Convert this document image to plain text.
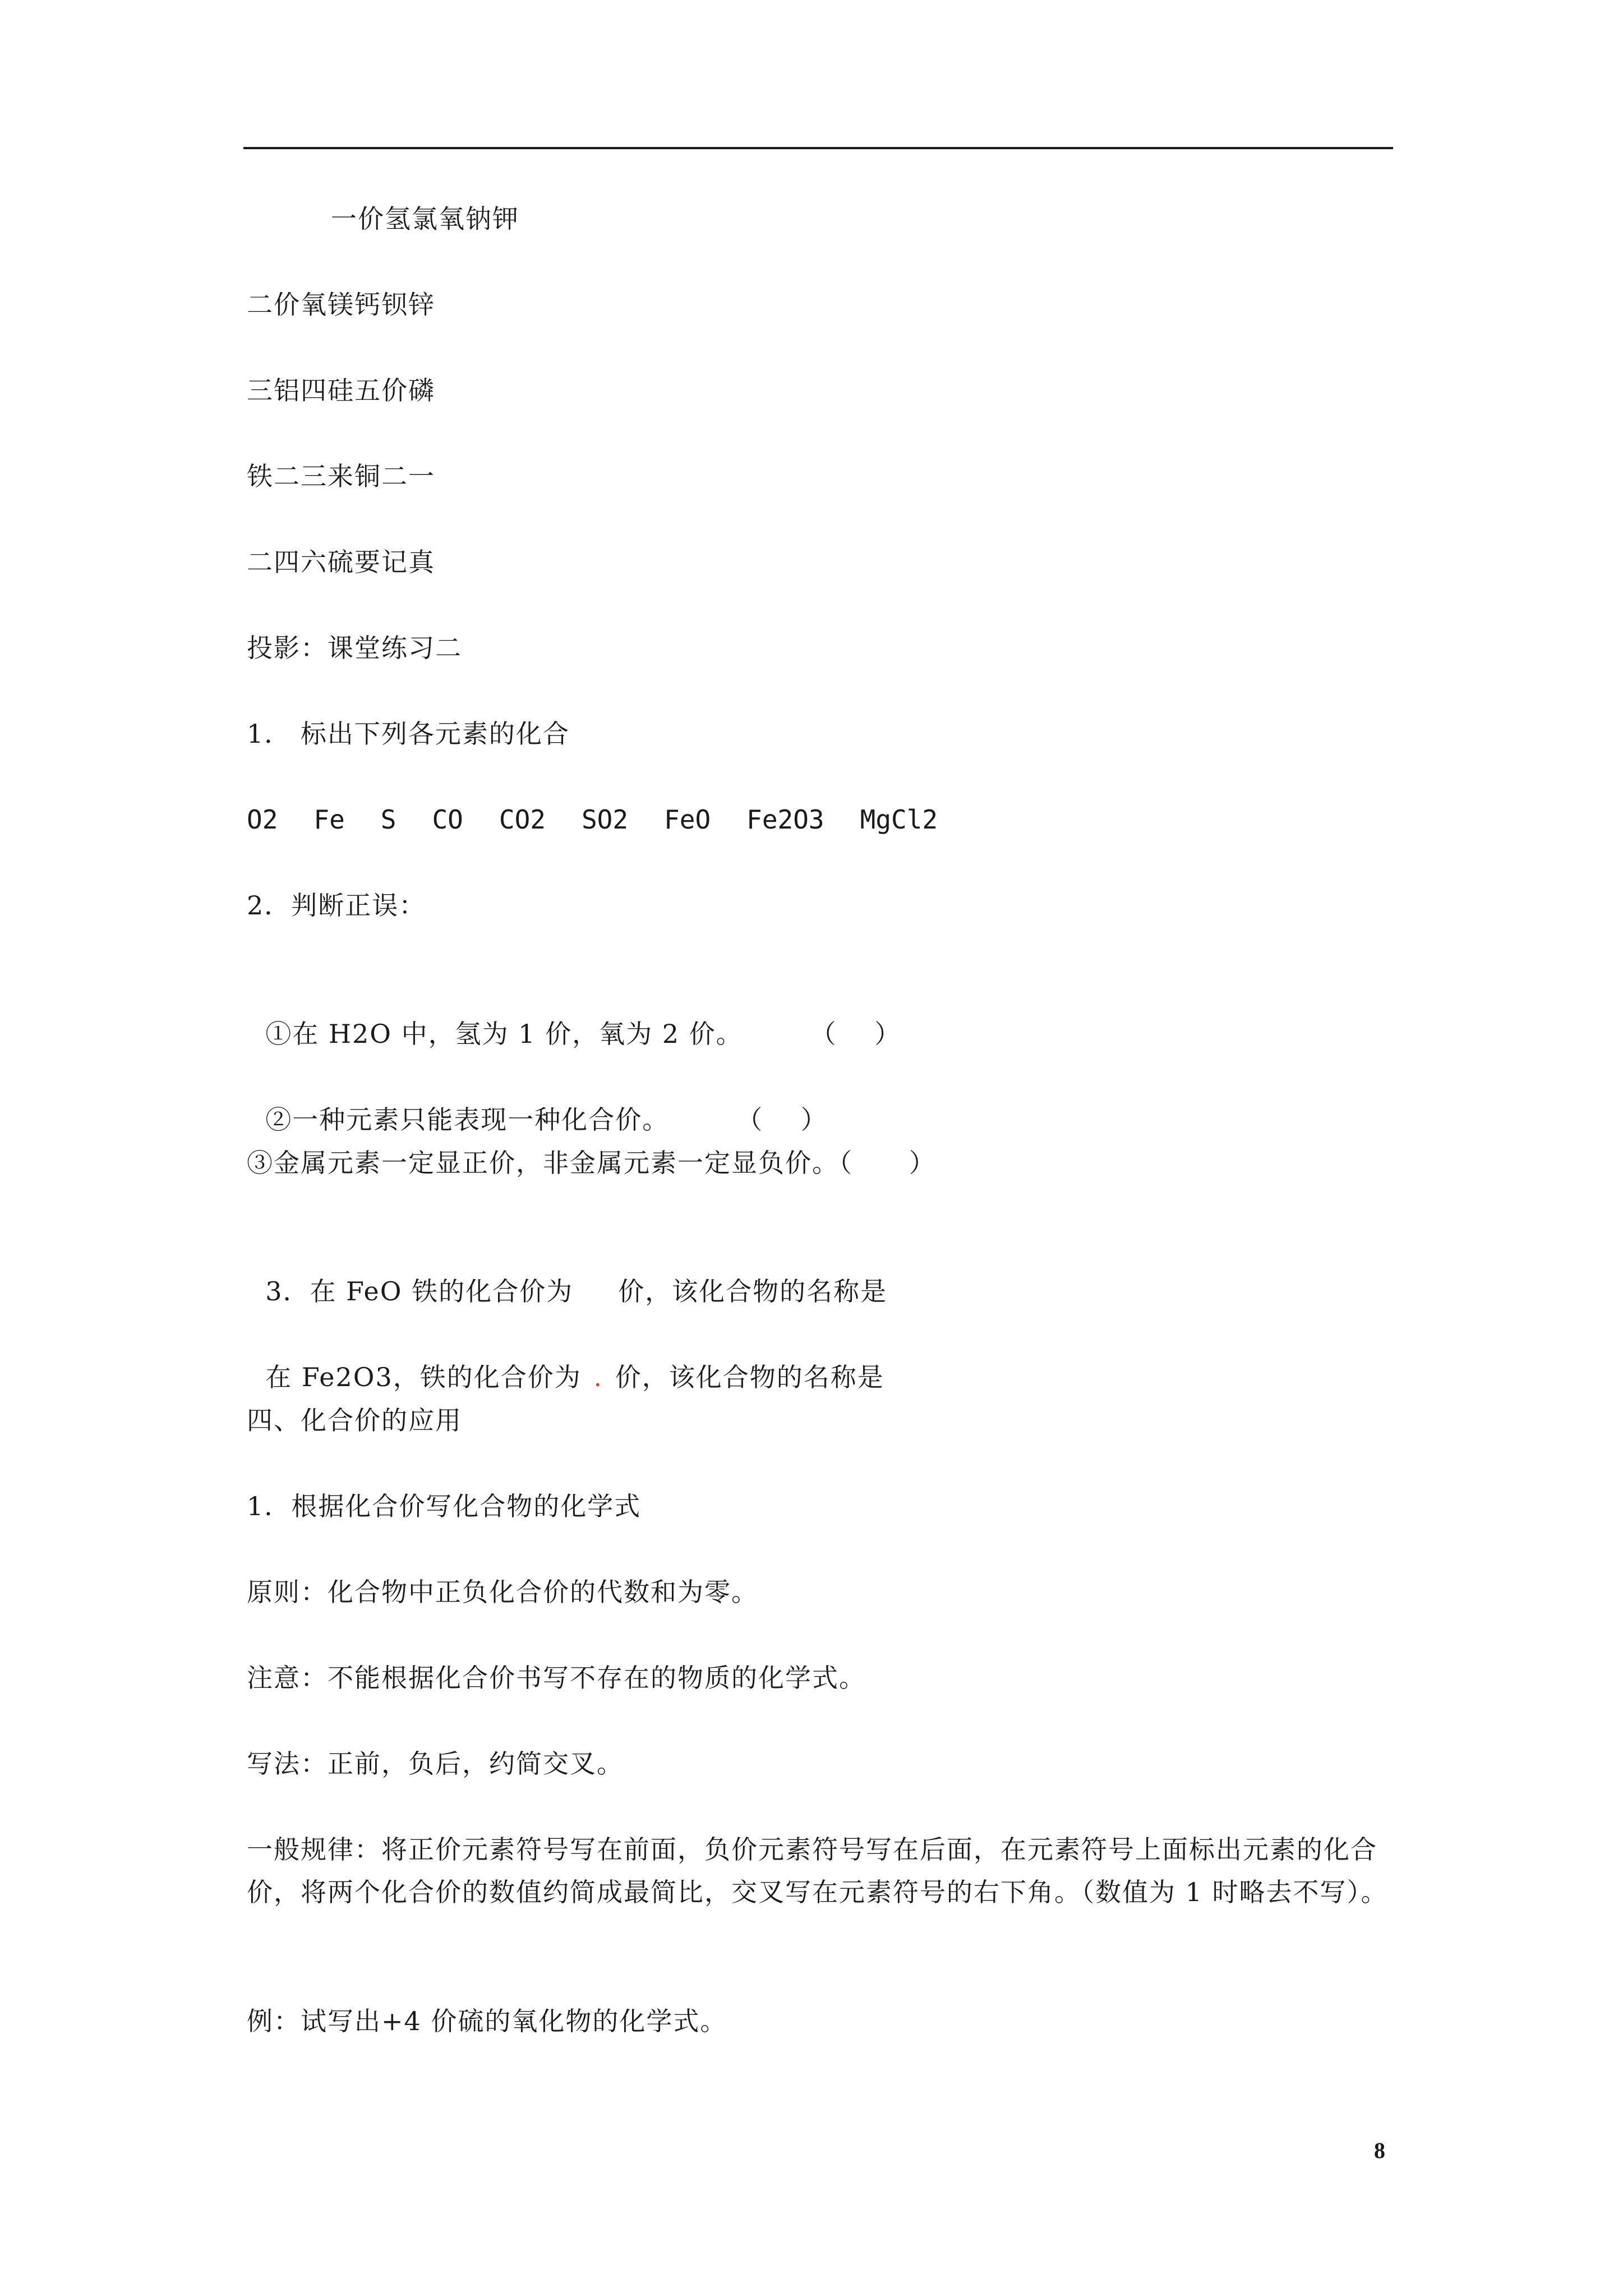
一价氢氯氧钠钾
二价氧镁钙钡锌
三铝四硅五价磷
铁二三来铜二一
二四六硫要记真
投影：课堂练习二
1． 标出下列各元素的化合
O2 Fe S CO CO2 SO2 FeO Fe2O3 MgCl2
2．判断正误：

①在 H2O 中，氢为 1 价，氧为 2 价。	（    ）

②一种元素只能表现一种化合价。	（    ）

③金属元素一定显正价，非金属元素一定显负价。（      ）

3．在 FeO 铁的化合价为 价，该化合物的名称是

在 Fe2O3，铁的化合价为 . 价，该化合物的名称是

四、化合价的应用
1．根据化合价写化合物的化学式
原则：化合物中正负化合价的代数和为零。
注意：不能根据化合价书写不存在的物质的化学式。
写法：正前，负后，约简交叉。
一般规律：将正价元素符号写在前面，负价元素符号写在后面，在元素符号上面标出元素的化合价，将两个化合价的数值约简成最简比，交叉写在元素符号的右下角。（数值为 1 时略去不写）。
例：试写出+4 价硫的氧化物的化学式。
8
